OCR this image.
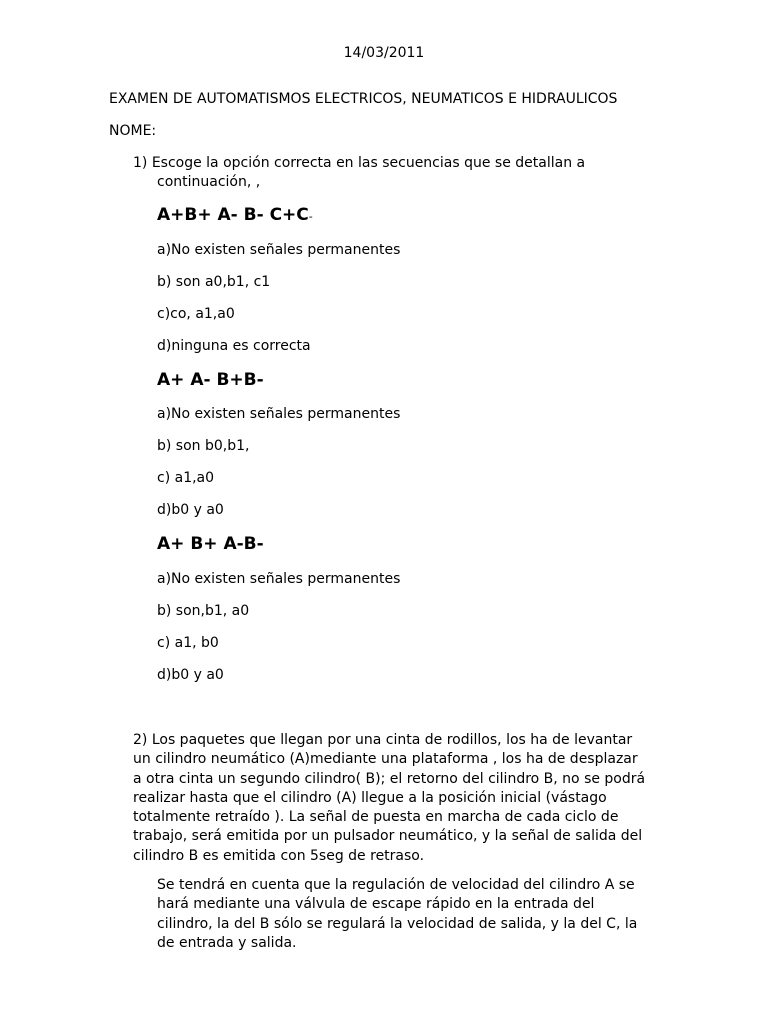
14/03/2011
EXAMEN DE AUTOMATISMOS ELECTRICOS, NEUMATICOS E HIDRAULICOS
NOME:
1) Escoge la opción correcta en las secuencias que se detallan a
continuación, ,
A+B+ A- B- C+C-
a)No existen señales permanentes
b) son a0,b1, c1
c)co, a1,a0
d)ninguna es correcta
A+ A- B+B-
a)No existen señales permanentes
b) son b0,b1,
c) a1,a0
d)b0 y a0
A+ B+ A-B-
a)No existen señales permanentes
b) son,b1, a0
c) a1, b0
d)b0 y a0
2) Los paquetes que llegan por una cinta de rodillos, los ha de levantar
un cilindro neumático (A)mediante una plataforma , los ha de desplazar
a otra cinta un segundo cilindro( B); el retorno del cilindro B, no se podrá
realizar hasta que el cilindro (A) llegue a la posición inicial (vástago
totalmente retraído ). La señal de puesta en marcha de cada ciclo de
trabajo, será emitida por un pulsador neumático, y la señal de salida del
cilindro B es emitida con 5seg de retraso.
Se tendrá en cuenta que la regulación de velocidad del cilindro A se
hará mediante una válvula de escape rápido en la entrada del
cilindro, la del B sólo se regulará la velocidad de salida, y la del C, la
de entrada y salida.
